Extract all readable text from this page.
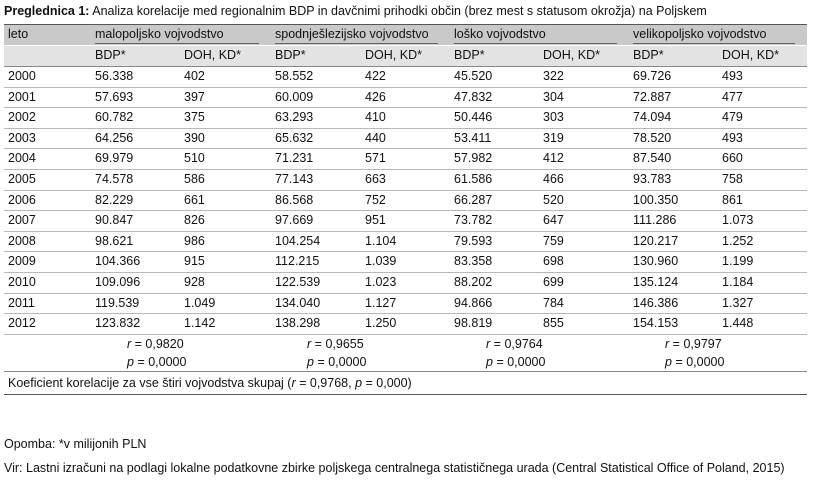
Preglednica 1: Analiza korelacije med regionalnim BDP in davčnimi prihodki občin (brez mest s statusom okrožja) na Poljskem
leto	malopoljsko vojvodstvo		spodnješlezijsko vojvodstvo		loško vojvodstvo		velikopoljsko vojvodstvo	

	BDP*	DOH, KD*	BDP*	DOH, KD*	BDP*	DOH, KD*	BDP*	DOH, KD*
2000	56.338	402	58.552	422	45.520	322	69.726	493
2001	57.693	397	60.009	426	47.832	304	72.887	477
2002	60.782	375	63.293	410	50.446	303	74.094	479
2003	64.256	390	65.632	440	53.411	319	78.520	493
2004	69.979	510	71.231	571	57.982	412	87.540	660
2005	74.578	586	77.143	663	61.586	466	93.783	758
2006	82.229	661	86.568	752	66.287	520	100.350	861
2007	90.847	826	97.669	951	73.782	647	111.286	1.073
2008	98.621	986	104.254	1.104	79.593	759	120.217	1.252
2009	104.366	915	112.215	1.039	83.358	698	130.960	1.199
2010	109.096	928	122.539	1.023	88.202	699	135.124	1.184
2011	119.539	1.049	134.040	1.127	94.866	784	146.386	1.327
2012	123.832	1.142	138.298	1.250	98.819	855	154.153	1.448
	r = 0,9820		r = 0,9655		r = 0,9764		r = 0,9797	
	p = 0,0000		p = 0,0000		p = 0,0000		p = 0,0000	
Koeficient korelacije za vse štiri vojvodstva skupaj (r = 0,9768, p = 0,000)								
Opomba: *v milijonih PLN
Vir: Lastni izračuni na podlagi lokalne podatkovne zbirke poljskega centralnega statističnega urada (Central Statistical Office of Poland, 2015)
